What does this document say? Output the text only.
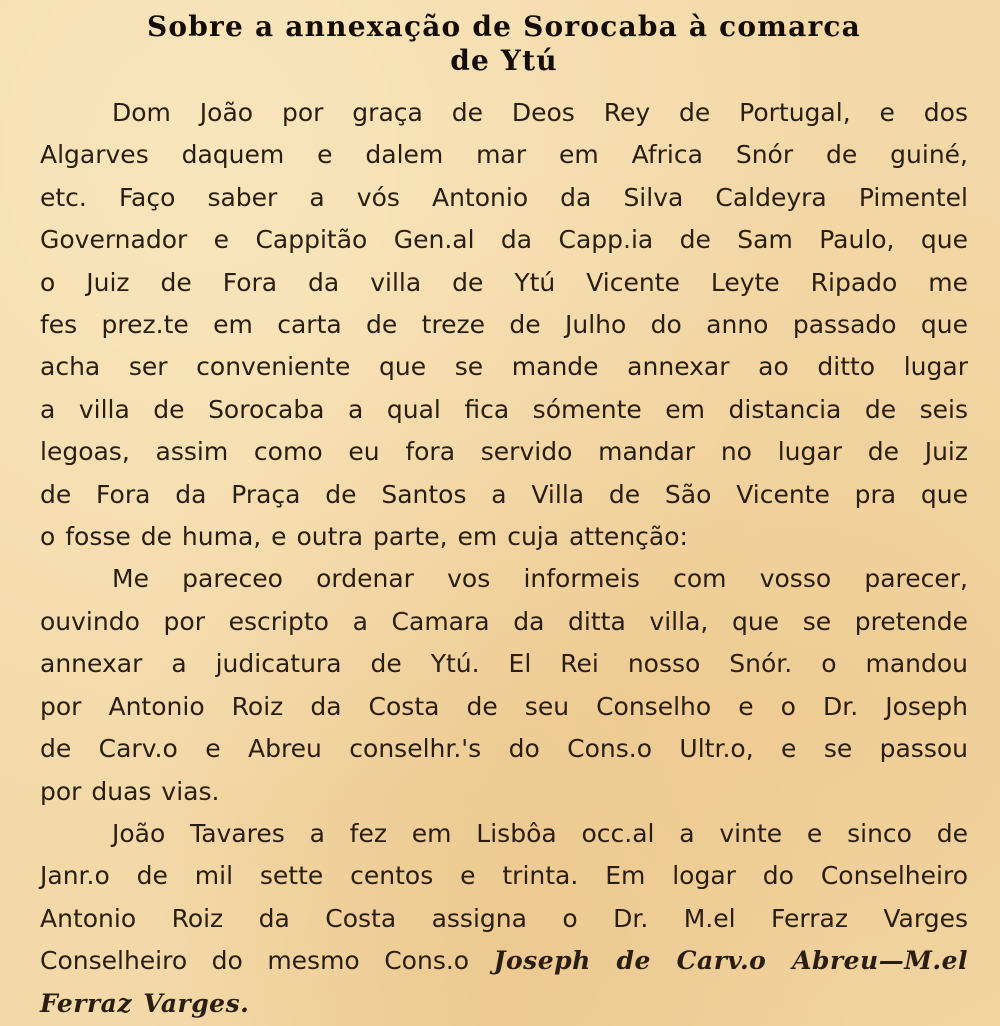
Sobre a annexação de Sorocaba à comarca
de Ytú

Dom João por graça de Deos Rey de Portugal, e dos
Algarves daquem e dalem mar em Africa Snór de guiné,
etc. Faço saber a vós Antonio da Silva Caldeyra Pimentel
Governador e Cappitão Gen.al da Capp.ia de Sam Paulo, que
o Juiz de Fora da villa de Ytú Vicente Leyte Ripado me
fes prez.te em carta de treze de Julho do anno passado que
acha ser conveniente que se mande annexar ao ditto lugar
a villa de Sorocaba a qual fica sómente em distancia de seis
legoas, assim como eu fora servido mandar no lugar de Juiz
de Fora da Praça de Santos a Villa de São Vicente pra que
o fosse de huma, e outra parte, em cuja attenção:

Me pareceo ordenar vos informeis com vosso parecer,
ouvindo por escripto a Camara da ditta villa, que se pretende
annexar a judicatura de Ytú. El Rei nosso Snór. o mandou
por Antonio Roiz da Costa de seu Conselho e o Dr. Joseph
de Carv.o e Abreu conselhr.'s do Cons.o Ultr.o, e se passou
por duas vias.

João Tavares a fez em Lisbôa occ.al a vinte e sinco de
Janr.o de mil sette centos e trinta. Em logar do Conselheiro
Antonio Roiz da Costa assigna o Dr. M.el Ferraz Varges
Conselheiro do mesmo Cons.o Joseph de Carv.o Abreu—M.el
Ferraz Varges.
